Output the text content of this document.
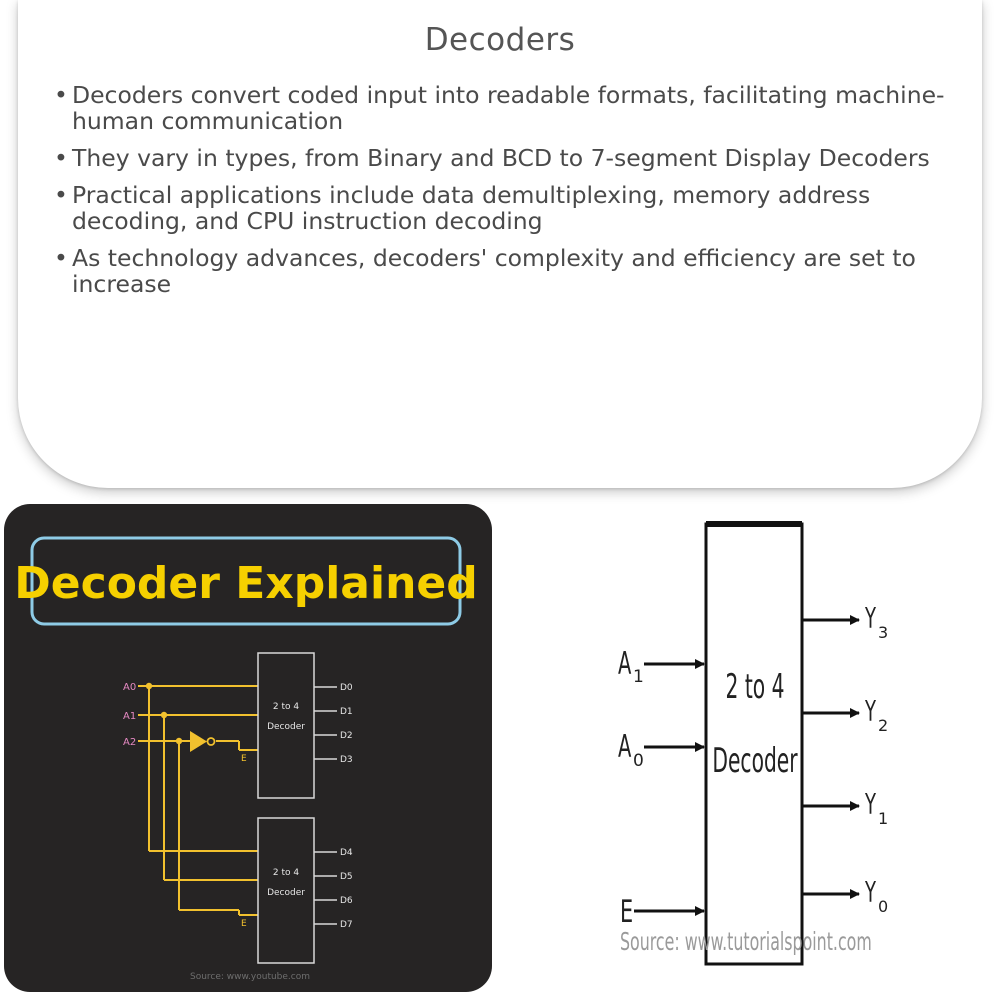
Decoders
• Decoders convert coded input into readable formats, facilitating machine-human communication
• They vary in types, from Binary and BCD to 7-segment Display Decoders
• Practical applications include data demultiplexing, memory address decoding, and CPU instruction decoding
• As technology advances, decoders' complexity and efficiency are set to increase
Decoder Explained
A0
A1
A2
2 to 4
Decoder
E
2 to 4
Decoder
E
D0
D1
D2
D3
D4
D5
D6
D7
Source: www.youtube.com
2 to 4
Decoder
A 1
A 0
E
Y 3
Y 2
Y 1
Y 0
Source: www.tutorialspoint.com
